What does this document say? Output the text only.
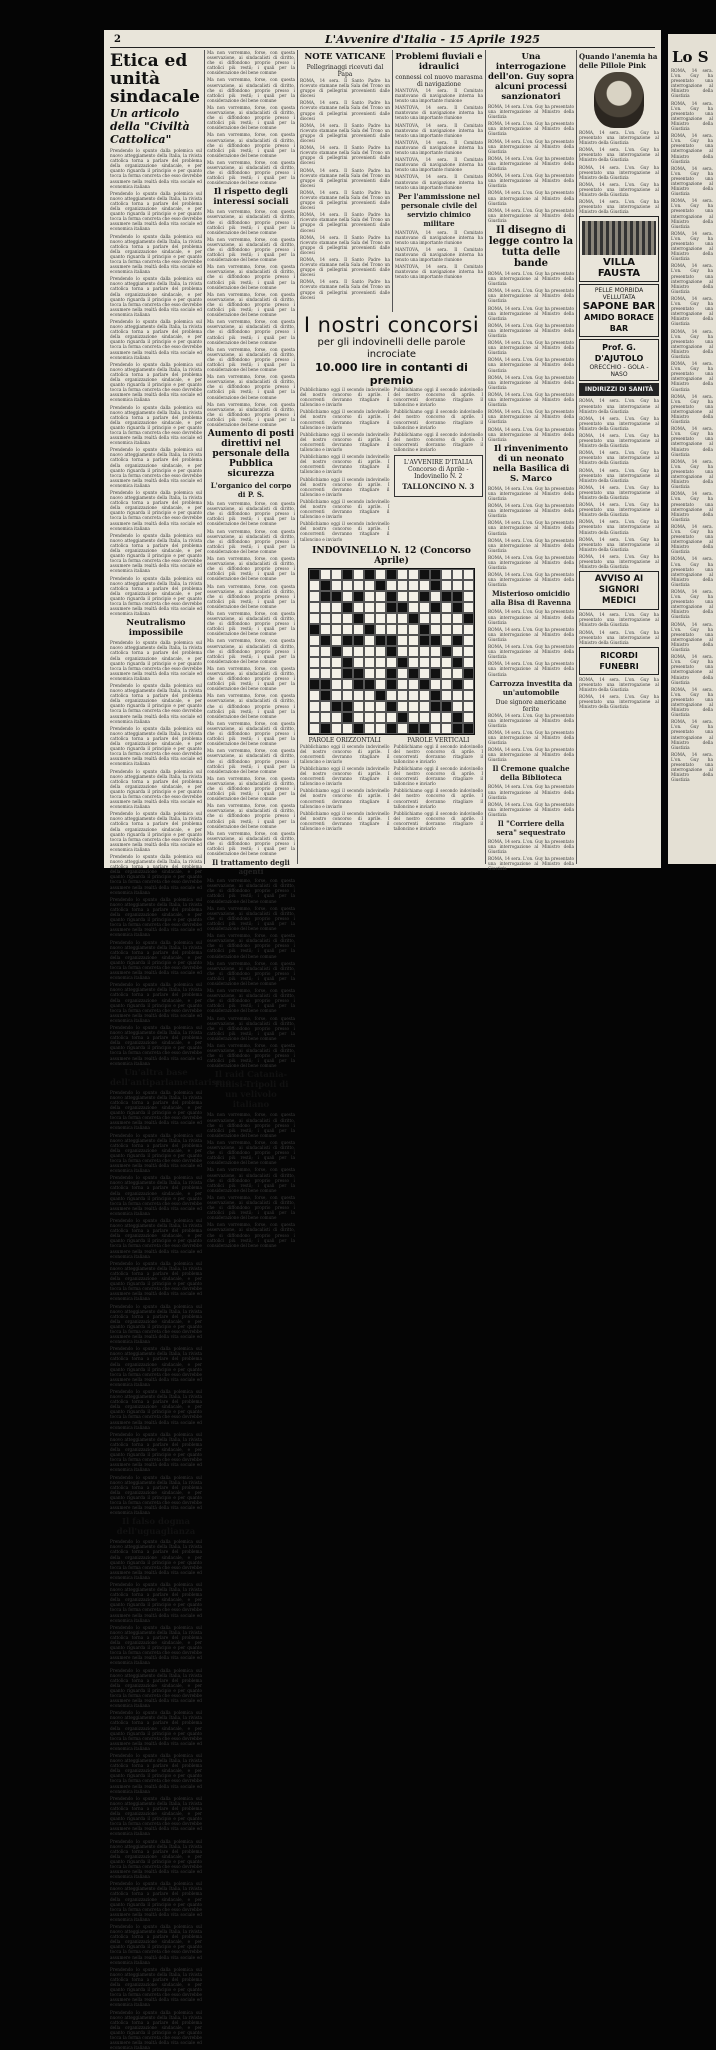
2	L'Avvenire d'Italia - 15 Aprile 1925
Etica ed unità sindacale
Un articolo della "Civiltà Cattolica"

Prendendo lo spunto dalla polemica sul nuovo atteggiamento della Italia, la rivista cattolica torna a parlare del problema della organizzazione sindacale, e per quanto riguarda il principio e per quanto tocca la forma concreta che esso dovrebbe assumere nella realtà della vita sociale ed economica italiana

Prendendo lo spunto dalla polemica sul nuovo atteggiamento della Italia, la rivista cattolica torna a parlare del problema della organizzazione sindacale, e per quanto riguarda il principio e per quanto tocca la forma concreta che esso dovrebbe assumere nella realtà della vita sociale ed economica italiana

Prendendo lo spunto dalla polemica sul nuovo atteggiamento della Italia, la rivista cattolica torna a parlare del problema della organizzazione sindacale, e per quanto riguarda il principio e per quanto tocca la forma concreta che esso dovrebbe assumere nella realtà della vita sociale ed economica italiana

Prendendo lo spunto dalla polemica sul nuovo atteggiamento della Italia, la rivista cattolica torna a parlare del problema della organizzazione sindacale, e per quanto riguarda il principio e per quanto tocca la forma concreta che esso dovrebbe assumere nella realtà della vita sociale ed economica italiana

Prendendo lo spunto dalla polemica sul nuovo atteggiamento della Italia, la rivista cattolica torna a parlare del problema della organizzazione sindacale, e per quanto riguarda il principio e per quanto tocca la forma concreta che esso dovrebbe assumere nella realtà della vita sociale ed economica italiana

Prendendo lo spunto dalla polemica sul nuovo atteggiamento della Italia, la rivista cattolica torna a parlare del problema della organizzazione sindacale, e per quanto riguarda il principio e per quanto tocca la forma concreta che esso dovrebbe assumere nella realtà della vita sociale ed economica italiana

Prendendo lo spunto dalla polemica sul nuovo atteggiamento della Italia, la rivista cattolica torna a parlare del problema della organizzazione sindacale, e per quanto riguarda il principio e per quanto tocca la forma concreta che esso dovrebbe assumere nella realtà della vita sociale ed economica italiana

Prendendo lo spunto dalla polemica sul nuovo atteggiamento della Italia, la rivista cattolica torna a parlare del problema della organizzazione sindacale, e per quanto riguarda il principio e per quanto tocca la forma concreta che esso dovrebbe assumere nella realtà della vita sociale ed economica italiana

Prendendo lo spunto dalla polemica sul nuovo atteggiamento della Italia, la rivista cattolica torna a parlare del problema della organizzazione sindacale, e per quanto riguarda il principio e per quanto tocca la forma concreta che esso dovrebbe assumere nella realtà della vita sociale ed economica italiana

Prendendo lo spunto dalla polemica sul nuovo atteggiamento della Italia, la rivista cattolica torna a parlare del problema della organizzazione sindacale, e per quanto riguarda il principio e per quanto tocca la forma concreta che esso dovrebbe assumere nella realtà della vita sociale ed economica italiana

Prendendo lo spunto dalla polemica sul nuovo atteggiamento della Italia, la rivista cattolica torna a parlare del problema della organizzazione sindacale, e per quanto riguarda il principio e per quanto tocca la forma concreta che esso dovrebbe assumere nella realtà della vita sociale ed economica italiana

Neutralismo impossibile

Prendendo lo spunto dalla polemica sul nuovo atteggiamento della Italia, la rivista cattolica torna a parlare del problema della organizzazione sindacale, e per quanto riguarda il principio e per quanto tocca la forma concreta che esso dovrebbe assumere nella realtà della vita sociale ed economica italiana

Prendendo lo spunto dalla polemica sul nuovo atteggiamento della Italia, la rivista cattolica torna a parlare del problema della organizzazione sindacale, e per quanto riguarda il principio e per quanto tocca la forma concreta che esso dovrebbe assumere nella realtà della vita sociale ed economica italiana

Prendendo lo spunto dalla polemica sul nuovo atteggiamento della Italia, la rivista cattolica torna a parlare del problema della organizzazione sindacale, e per quanto riguarda il principio e per quanto tocca la forma concreta che esso dovrebbe assumere nella realtà della vita sociale ed economica italiana

Prendendo lo spunto dalla polemica sul nuovo atteggiamento della Italia, la rivista cattolica torna a parlare del problema della organizzazione sindacale, e per quanto riguarda il principio e per quanto tocca la forma concreta che esso dovrebbe assumere nella realtà della vita sociale ed economica italiana

Prendendo lo spunto dalla polemica sul nuovo atteggiamento della Italia, la rivista cattolica torna a parlare del problema della organizzazione sindacale, e per quanto riguarda il principio e per quanto tocca la forma concreta che esso dovrebbe assumere nella realtà della vita sociale ed economica italiana

Prendendo lo spunto dalla polemica sul nuovo atteggiamento della Italia, la rivista cattolica torna a parlare del problema della organizzazione sindacale, e per quanto riguarda il principio e per quanto tocca la forma concreta che esso dovrebbe assumere nella realtà della vita sociale ed economica italiana

Prendendo lo spunto dalla polemica sul nuovo atteggiamento della Italia, la rivista cattolica torna a parlare del problema della organizzazione sindacale, e per quanto riguarda il principio e per quanto tocca la forma concreta che esso dovrebbe assumere nella realtà della vita sociale ed economica italiana

Prendendo lo spunto dalla polemica sul nuovo atteggiamento della Italia, la rivista cattolica torna a parlare del problema della organizzazione sindacale, e per quanto riguarda il principio e per quanto tocca la forma concreta che esso dovrebbe assumere nella realtà della vita sociale ed economica italiana

Prendendo lo spunto dalla polemica sul nuovo atteggiamento della Italia, la rivista cattolica torna a parlare del problema della organizzazione sindacale, e per quanto riguarda il principio e per quanto tocca la forma concreta che esso dovrebbe assumere nella realtà della vita sociale ed economica italiana

Prendendo lo spunto dalla polemica sul nuovo atteggiamento della Italia, la rivista cattolica torna a parlare del problema della organizzazione sindacale, e per quanto riguarda il principio e per quanto tocca la forma concreta che esso dovrebbe assumere nella realtà della vita sociale ed economica italiana

Un'altra base dell'antiparlamentarismo

Prendendo lo spunto dalla polemica sul nuovo atteggiamento della Italia, la rivista cattolica torna a parlare del problema della organizzazione sindacale, e per quanto riguarda il principio e per quanto tocca la forma concreta che esso dovrebbe assumere nella realtà della vita sociale ed economica italiana

Prendendo lo spunto dalla polemica sul nuovo atteggiamento della Italia, la rivista cattolica torna a parlare del problema della organizzazione sindacale, e per quanto riguarda il principio e per quanto tocca la forma concreta che esso dovrebbe assumere nella realtà della vita sociale ed economica italiana

Prendendo lo spunto dalla polemica sul nuovo atteggiamento della Italia, la rivista cattolica torna a parlare del problema della organizzazione sindacale, e per quanto riguarda il principio e per quanto tocca la forma concreta che esso dovrebbe assumere nella realtà della vita sociale ed economica italiana

Prendendo lo spunto dalla polemica sul nuovo atteggiamento della Italia, la rivista cattolica torna a parlare del problema della organizzazione sindacale, e per quanto riguarda il principio e per quanto tocca la forma concreta che esso dovrebbe assumere nella realtà della vita sociale ed economica italiana

Prendendo lo spunto dalla polemica sul nuovo atteggiamento della Italia, la rivista cattolica torna a parlare del problema della organizzazione sindacale, e per quanto riguarda il principio e per quanto tocca la forma concreta che esso dovrebbe assumere nella realtà della vita sociale ed economica italiana

Prendendo lo spunto dalla polemica sul nuovo atteggiamento della Italia, la rivista cattolica torna a parlare del problema della organizzazione sindacale, e per quanto riguarda il principio e per quanto tocca la forma concreta che esso dovrebbe assumere nella realtà della vita sociale ed economica italiana

Prendendo lo spunto dalla polemica sul nuovo atteggiamento della Italia, la rivista cattolica torna a parlare del problema della organizzazione sindacale, e per quanto riguarda il principio e per quanto tocca la forma concreta che esso dovrebbe assumere nella realtà della vita sociale ed economica italiana

Prendendo lo spunto dalla polemica sul nuovo atteggiamento della Italia, la rivista cattolica torna a parlare del problema della organizzazione sindacale, e per quanto riguarda il principio e per quanto tocca la forma concreta che esso dovrebbe assumere nella realtà della vita sociale ed economica italiana

Prendendo lo spunto dalla polemica sul nuovo atteggiamento della Italia, la rivista cattolica torna a parlare del problema della organizzazione sindacale, e per quanto riguarda il principio e per quanto tocca la forma concreta che esso dovrebbe assumere nella realtà della vita sociale ed economica italiana

Prendendo lo spunto dalla polemica sul nuovo atteggiamento della Italia, la rivista cattolica torna a parlare del problema della organizzazione sindacale, e per quanto riguarda il principio e per quanto tocca la forma concreta che esso dovrebbe assumere nella realtà della vita sociale ed economica italiana

Il falso dogma dell'uguaglianza

Prendendo lo spunto dalla polemica sul nuovo atteggiamento della Italia, la rivista cattolica torna a parlare del problema della organizzazione sindacale, e per quanto riguarda il principio e per quanto tocca la forma concreta che esso dovrebbe assumere nella realtà della vita sociale ed economica italiana

Prendendo lo spunto dalla polemica sul nuovo atteggiamento della Italia, la rivista cattolica torna a parlare del problema della organizzazione sindacale, e per quanto riguarda il principio e per quanto tocca la forma concreta che esso dovrebbe assumere nella realtà della vita sociale ed economica italiana

Prendendo lo spunto dalla polemica sul nuovo atteggiamento della Italia, la rivista cattolica torna a parlare del problema della organizzazione sindacale, e per quanto riguarda il principio e per quanto tocca la forma concreta che esso dovrebbe assumere nella realtà della vita sociale ed economica italiana

Prendendo lo spunto dalla polemica sul nuovo atteggiamento della Italia, la rivista cattolica torna a parlare del problema della organizzazione sindacale, e per quanto riguarda il principio e per quanto tocca la forma concreta che esso dovrebbe assumere nella realtà della vita sociale ed economica italiana

Prendendo lo spunto dalla polemica sul nuovo atteggiamento della Italia, la rivista cattolica torna a parlare del problema della organizzazione sindacale, e per quanto riguarda il principio e per quanto tocca la forma concreta che esso dovrebbe assumere nella realtà della vita sociale ed economica italiana

Prendendo lo spunto dalla polemica sul nuovo atteggiamento della Italia, la rivista cattolica torna a parlare del problema della organizzazione sindacale, e per quanto riguarda il principio e per quanto tocca la forma concreta che esso dovrebbe assumere nella realtà della vita sociale ed economica italiana

Prendendo lo spunto dalla polemica sul nuovo atteggiamento della Italia, la rivista cattolica torna a parlare del problema della organizzazione sindacale, e per quanto riguarda il principio e per quanto tocca la forma concreta che esso dovrebbe assumere nella realtà della vita sociale ed economica italiana

Prendendo lo spunto dalla polemica sul nuovo atteggiamento della Italia, la rivista cattolica torna a parlare del problema della organizzazione sindacale, e per quanto riguarda il principio e per quanto tocca la forma concreta che esso dovrebbe assumere nella realtà della vita sociale ed economica italiana

Prendendo lo spunto dalla polemica sul nuovo atteggiamento della Italia, la rivista cattolica torna a parlare del problema della organizzazione sindacale, e per quanto riguarda il principio e per quanto tocca la forma concreta che esso dovrebbe assumere nella realtà della vita sociale ed economica italiana

Prendendo lo spunto dalla polemica sul nuovo atteggiamento della Italia, la rivista cattolica torna a parlare del problema della organizzazione sindacale, e per quanto riguarda il principio e per quanto tocca la forma concreta che esso dovrebbe assumere nella realtà della vita sociale ed economica italiana

Prendendo lo spunto dalla polemica sul nuovo atteggiamento della Italia, la rivista cattolica torna a parlare del problema della organizzazione sindacale, e per quanto riguarda il principio e per quanto tocca la forma concreta che esso dovrebbe assumere nella realtà della vita sociale ed economica italiana

Prendendo lo spunto dalla polemica sul nuovo atteggiamento della Italia, la rivista cattolica torna a parlare del problema della organizzazione sindacale, e per quanto riguarda il principio e per quanto tocca la forma concreta che esso dovrebbe assumere nella realtà della vita sociale ed economica italiana

Ma non vorremmo, forse, con questa osservazione, ai sindacalisti di diritto, che si diffondono proprio presso i cattolici più restii; i quali per la considerazione del bene comune

Ma non vorremmo, forse, con questa osservazione, ai sindacalisti di diritto, che si diffondono proprio presso i cattolici più restii; i quali per la considerazione del bene comune

Ma non vorremmo, forse, con questa osservazione, ai sindacalisti di diritto, che si diffondono proprio presso i cattolici più restii; i quali per la considerazione del bene comune

Ma non vorremmo, forse, con questa osservazione, ai sindacalisti di diritto, che si diffondono proprio presso i cattolici più restii; i quali per la considerazione del bene comune

Ma non vorremmo, forse, con questa osservazione, ai sindacalisti di diritto, che si diffondono proprio presso i cattolici più restii; i quali per la considerazione del bene comune

Il rispetto degli interessi sociali

Ma non vorremmo, forse, con questa osservazione, ai sindacalisti di diritto, che si diffondono proprio presso i cattolici più restii; i quali per la considerazione del bene comune

Ma non vorremmo, forse, con questa osservazione, ai sindacalisti di diritto, che si diffondono proprio presso i cattolici più restii; i quali per la considerazione del bene comune

Ma non vorremmo, forse, con questa osservazione, ai sindacalisti di diritto, che si diffondono proprio presso i cattolici più restii; i quali per la considerazione del bene comune

Ma non vorremmo, forse, con questa osservazione, ai sindacalisti di diritto, che si diffondono proprio presso i cattolici più restii; i quali per la considerazione del bene comune

Ma non vorremmo, forse, con questa osservazione, ai sindacalisti di diritto, che si diffondono proprio presso i cattolici più restii; i quali per la considerazione del bene comune

Ma non vorremmo, forse, con questa osservazione, ai sindacalisti di diritto, che si diffondono proprio presso i cattolici più restii; i quali per la considerazione del bene comune

Ma non vorremmo, forse, con questa osservazione, ai sindacalisti di diritto, che si diffondono proprio presso i cattolici più restii; i quali per la considerazione del bene comune

Ma non vorremmo, forse, con questa osservazione, ai sindacalisti di diritto, che si diffondono proprio presso i cattolici più restii; i quali per la considerazione del bene comune

Aumento di posti direttivi nel personale della Pubblica sicurezza
L'organico del corpo di P. S.

Ma non vorremmo, forse, con questa osservazione, ai sindacalisti di diritto, che si diffondono proprio presso i cattolici più restii; i quali per la considerazione del bene comune

Ma non vorremmo, forse, con questa osservazione, ai sindacalisti di diritto, che si diffondono proprio presso i cattolici più restii; i quali per la considerazione del bene comune

Ma non vorremmo, forse, con questa osservazione, ai sindacalisti di diritto, che si diffondono proprio presso i cattolici più restii; i quali per la considerazione del bene comune

Ma non vorremmo, forse, con questa osservazione, ai sindacalisti di diritto, che si diffondono proprio presso i cattolici più restii; i quali per la considerazione del bene comune

Ma non vorremmo, forse, con questa osservazione, ai sindacalisti di diritto, che si diffondono proprio presso i cattolici più restii; i quali per la considerazione del bene comune

Ma non vorremmo, forse, con questa osservazione, ai sindacalisti di diritto, che si diffondono proprio presso i cattolici più restii; i quali per la considerazione del bene comune

Ma non vorremmo, forse, con questa osservazione, ai sindacalisti di diritto, che si diffondono proprio presso i cattolici più restii; i quali per la considerazione del bene comune

Ma non vorremmo, forse, con questa osservazione, ai sindacalisti di diritto, che si diffondono proprio presso i cattolici più restii; i quali per la considerazione del bene comune

Ma non vorremmo, forse, con questa osservazione, ai sindacalisti di diritto, che si diffondono proprio presso i cattolici più restii; i quali per la considerazione del bene comune

Ma non vorremmo, forse, con questa osservazione, ai sindacalisti di diritto, che si diffondono proprio presso i cattolici più restii; i quali per la considerazione del bene comune

Ma non vorremmo, forse, con questa osservazione, ai sindacalisti di diritto, che si diffondono proprio presso i cattolici più restii; i quali per la considerazione del bene comune

Ma non vorremmo, forse, con questa osservazione, ai sindacalisti di diritto, che si diffondono proprio presso i cattolici più restii; i quali per la considerazione del bene comune

Ma non vorremmo, forse, con questa osservazione, ai sindacalisti di diritto, che si diffondono proprio presso i cattolici più restii; i quali per la considerazione del bene comune

Il trattamento degli agenti

Ma non vorremmo, forse, con questa osservazione, ai sindacalisti di diritto, che si diffondono proprio presso i cattolici più restii; i quali per la considerazione del bene comune

Ma non vorremmo, forse, con questa osservazione, ai sindacalisti di diritto, che si diffondono proprio presso i cattolici più restii; i quali per la considerazione del bene comune

Ma non vorremmo, forse, con questa osservazione, ai sindacalisti di diritto, che si diffondono proprio presso i cattolici più restii; i quali per la considerazione del bene comune

Ma non vorremmo, forse, con questa osservazione, ai sindacalisti di diritto, che si diffondono proprio presso i cattolici più restii; i quali per la considerazione del bene comune

Ma non vorremmo, forse, con questa osservazione, ai sindacalisti di diritto, che si diffondono proprio presso i cattolici più restii; i quali per la considerazione del bene comune

Ma non vorremmo, forse, con questa osservazione, ai sindacalisti di diritto, che si diffondono proprio presso i cattolici più restii; i quali per la considerazione del bene comune

Ma non vorremmo, forse, con questa osservazione, ai sindacalisti di diritto, che si diffondono proprio presso i cattolici più restii; i quali per la considerazione del bene comune

Il raid Catania-Tunisi-Tripoli di un velivolo italiano

Ma non vorremmo, forse, con questa osservazione, ai sindacalisti di diritto, che si diffondono proprio presso i cattolici più restii; i quali per la considerazione del bene comune

Ma non vorremmo, forse, con questa osservazione, ai sindacalisti di diritto, che si diffondono proprio presso i cattolici più restii; i quali per la considerazione del bene comune

Ma non vorremmo, forse, con questa osservazione, ai sindacalisti di diritto, che si diffondono proprio presso i cattolici più restii; i quali per la considerazione del bene comune

Ma non vorremmo, forse, con questa osservazione, ai sindacalisti di diritto, che si diffondono proprio presso i cattolici più restii; i quali per la considerazione del bene comune

Ma non vorremmo, forse, con questa osservazione, ai sindacalisti di diritto, che si diffondono proprio presso i cattolici più restii; i quali per la considerazione del bene comune

NOTE VATICANE
Pellegrinaggi ricevuti dal Papa

ROMA, 14 sera. Il Santo Padre ha ricevuto stamane nella Sala del Trono un gruppo di pellegrini provenienti dalle diocesi

ROMA, 14 sera. Il Santo Padre ha ricevuto stamane nella Sala del Trono un gruppo di pellegrini provenienti dalle diocesi

ROMA, 14 sera. Il Santo Padre ha ricevuto stamane nella Sala del Trono un gruppo di pellegrini provenienti dalle diocesi

ROMA, 14 sera. Il Santo Padre ha ricevuto stamane nella Sala del Trono un gruppo di pellegrini provenienti dalle diocesi

ROMA, 14 sera. Il Santo Padre ha ricevuto stamane nella Sala del Trono un gruppo di pellegrini provenienti dalle diocesi

ROMA, 14 sera. Il Santo Padre ha ricevuto stamane nella Sala del Trono un gruppo di pellegrini provenienti dalle diocesi

ROMA, 14 sera. Il Santo Padre ha ricevuto stamane nella Sala del Trono un gruppo di pellegrini provenienti dalle diocesi

ROMA, 14 sera. Il Santo Padre ha ricevuto stamane nella Sala del Trono un gruppo di pellegrini provenienti dalle diocesi

ROMA, 14 sera. Il Santo Padre ha ricevuto stamane nella Sala del Trono un gruppo di pellegrini provenienti dalle diocesi

ROMA, 14 sera. Il Santo Padre ha ricevuto stamane nella Sala del Trono un gruppo di pellegrini provenienti dalle diocesi

Problemi fluviali e idraulici
connessi col nuovo marasma di navigazione

MANTOVA, 14 sera. Il Comitato mantovano di navigazione interna ha tenuto una importante riunione

MANTOVA, 14 sera. Il Comitato mantovano di navigazione interna ha tenuto una importante riunione

MANTOVA, 14 sera. Il Comitato mantovano di navigazione interna ha tenuto una importante riunione

MANTOVA, 14 sera. Il Comitato mantovano di navigazione interna ha tenuto una importante riunione

MANTOVA, 14 sera. Il Comitato mantovano di navigazione interna ha tenuto una importante riunione

MANTOVA, 14 sera. Il Comitato mantovano di navigazione interna ha tenuto una importante riunione

Per l'ammissione nel personale civile del servizio chimico militare

MANTOVA, 14 sera. Il Comitato mantovano di navigazione interna ha tenuto una importante riunione

MANTOVA, 14 sera. Il Comitato mantovano di navigazione interna ha tenuto una importante riunione

MANTOVA, 14 sera. Il Comitato mantovano di navigazione interna ha tenuto una importante riunione

I nostri concorsi
per gli indovinelli delle parole incrociate
10.000 lire in contanti di premio

Pubblichiamo oggi il secondo indovinello del nostro concorso di aprile. I concorrenti dovranno ritagliare il talloncino e inviarlo

Pubblichiamo oggi il secondo indovinello del nostro concorso di aprile. I concorrenti dovranno ritagliare il talloncino e inviarlo

Pubblichiamo oggi il secondo indovinello del nostro concorso di aprile. I concorrenti dovranno ritagliare il talloncino e inviarlo

Pubblichiamo oggi il secondo indovinello del nostro concorso di aprile. I concorrenti dovranno ritagliare il talloncino e inviarlo

Pubblichiamo oggi il secondo indovinello del nostro concorso di aprile. I concorrenti dovranno ritagliare il talloncino e inviarlo

Pubblichiamo oggi il secondo indovinello del nostro concorso di aprile. I concorrenti dovranno ritagliare il talloncino e inviarlo

Pubblichiamo oggi il secondo indovinello del nostro concorso di aprile. I concorrenti dovranno ritagliare il talloncino e inviarlo

Pubblichiamo oggi il secondo indovinello del nostro concorso di aprile. I concorrenti dovranno ritagliare il talloncino e inviarlo

Pubblichiamo oggi il secondo indovinello del nostro concorso di aprile. I concorrenti dovranno ritagliare il talloncino e inviarlo

Pubblichiamo oggi il secondo indovinello del nostro concorso di aprile. I concorrenti dovranno ritagliare il talloncino e inviarlo

L'AVVENIRE D'ITALIA
Concorso di Aprile - Indovinello N. 2
TALLONCINO N. 3
INDOVINELLO N. 12 (Concorso Aprile)
PAROLE ORIZZONTALI

Pubblichiamo oggi il secondo indovinello del nostro concorso di aprile. I concorrenti dovranno ritagliare il talloncino e inviarlo

Pubblichiamo oggi il secondo indovinello del nostro concorso di aprile. I concorrenti dovranno ritagliare il talloncino e inviarlo

Pubblichiamo oggi il secondo indovinello del nostro concorso di aprile. I concorrenti dovranno ritagliare il talloncino e inviarlo

Pubblichiamo oggi il secondo indovinello del nostro concorso di aprile. I concorrenti dovranno ritagliare il talloncino e inviarlo

PAROLE VERTICALI

Pubblichiamo oggi il secondo indovinello del nostro concorso di aprile. I concorrenti dovranno ritagliare il talloncino e inviarlo

Pubblichiamo oggi il secondo indovinello del nostro concorso di aprile. I concorrenti dovranno ritagliare il talloncino e inviarlo

Pubblichiamo oggi il secondo indovinello del nostro concorso di aprile. I concorrenti dovranno ritagliare il talloncino e inviarlo

Pubblichiamo oggi il secondo indovinello del nostro concorso di aprile. I concorrenti dovranno ritagliare il talloncino e inviarlo

Una interrogazione dell'on. Guy sopra alcuni processi sanzionatori

ROMA, 14 sera. L'on. Guy ha presentato una interrogazione al Ministro della Giustizia

ROMA, 14 sera. L'on. Guy ha presentato una interrogazione al Ministro della Giustizia

ROMA, 14 sera. L'on. Guy ha presentato una interrogazione al Ministro della Giustizia

ROMA, 14 sera. L'on. Guy ha presentato una interrogazione al Ministro della Giustizia

ROMA, 14 sera. L'on. Guy ha presentato una interrogazione al Ministro della Giustizia

ROMA, 14 sera. L'on. Guy ha presentato una interrogazione al Ministro della Giustizia

ROMA, 14 sera. L'on. Guy ha presentato una interrogazione al Ministro della Giustizia

Il disegno di legge contro la tutta delle bande

ROMA, 14 sera. L'on. Guy ha presentato una interrogazione al Ministro della Giustizia

ROMA, 14 sera. L'on. Guy ha presentato una interrogazione al Ministro della Giustizia

ROMA, 14 sera. L'on. Guy ha presentato una interrogazione al Ministro della Giustizia

ROMA, 14 sera. L'on. Guy ha presentato una interrogazione al Ministro della Giustizia

ROMA, 14 sera. L'on. Guy ha presentato una interrogazione al Ministro della Giustizia

ROMA, 14 sera. L'on. Guy ha presentato una interrogazione al Ministro della Giustizia

ROMA, 14 sera. L'on. Guy ha presentato una interrogazione al Ministro della Giustizia

ROMA, 14 sera. L'on. Guy ha presentato una interrogazione al Ministro della Giustizia

ROMA, 14 sera. L'on. Guy ha presentato una interrogazione al Ministro della Giustizia

ROMA, 14 sera. L'on. Guy ha presentato una interrogazione al Ministro della Giustizia

Il rinvenimento di un neonato nella Basilica di S. Marco

ROMA, 14 sera. L'on. Guy ha presentato una interrogazione al Ministro della Giustizia

ROMA, 14 sera. L'on. Guy ha presentato una interrogazione al Ministro della Giustizia

ROMA, 14 sera. L'on. Guy ha presentato una interrogazione al Ministro della Giustizia

ROMA, 14 sera. L'on. Guy ha presentato una interrogazione al Ministro della Giustizia

ROMA, 14 sera. L'on. Guy ha presentato una interrogazione al Ministro della Giustizia

ROMA, 14 sera. L'on. Guy ha presentato una interrogazione al Ministro della Giustizia

Misterioso omicidio alla Bisa di Ravenna

ROMA, 14 sera. L'on. Guy ha presentato una interrogazione al Ministro della Giustizia

ROMA, 14 sera. L'on. Guy ha presentato una interrogazione al Ministro della Giustizia

ROMA, 14 sera. L'on. Guy ha presentato una interrogazione al Ministro della Giustizia

ROMA, 14 sera. L'on. Guy ha presentato una interrogazione al Ministro della Giustizia

Carrozza investita da un'automobile
Due signore americane ferite

ROMA, 14 sera. L'on. Guy ha presentato una interrogazione al Ministro della Giustizia

ROMA, 14 sera. L'on. Guy ha presentato una interrogazione al Ministro della Giustizia

ROMA, 14 sera. L'on. Guy ha presentato una interrogazione al Ministro della Giustizia

Il Cremone qualche della Biblioteca

ROMA, 14 sera. L'on. Guy ha presentato una interrogazione al Ministro della Giustizia

ROMA, 14 sera. L'on. Guy ha presentato una interrogazione al Ministro della Giustizia

Il "Corriere della sera" sequestrato

ROMA, 14 sera. L'on. Guy ha presentato una interrogazione al Ministro della Giustizia

ROMA, 14 sera. L'on. Guy ha presentato una interrogazione al Ministro della Giustizia

Quando l'anemia ha delle Pillole Pink

ROMA, 14 sera. L'on. Guy ha presentato una interrogazione al Ministro della Giustizia

ROMA, 14 sera. L'on. Guy ha presentato una interrogazione al Ministro della Giustizia

ROMA, 14 sera. L'on. Guy ha presentato una interrogazione al Ministro della Giustizia

ROMA, 14 sera. L'on. Guy ha presentato una interrogazione al Ministro della Giustizia

ROMA, 14 sera. L'on. Guy ha presentato una interrogazione al Ministro della Giustizia

VILLA FAUSTA
PELLE MORBIDA VELLUTATA
SAPONE BAR
AMIDO BORACE BAR
Prof. G. D'AJUTOLO
ORECCHIO - GOLA - NASO
INDIRIZZI DI SANITÀ

ROMA, 14 sera. L'on. Guy ha presentato una interrogazione al Ministro della Giustizia

ROMA, 14 sera. L'on. Guy ha presentato una interrogazione al Ministro della Giustizia

ROMA, 14 sera. L'on. Guy ha presentato una interrogazione al Ministro della Giustizia

ROMA, 14 sera. L'on. Guy ha presentato una interrogazione al Ministro della Giustizia

ROMA, 14 sera. L'on. Guy ha presentato una interrogazione al Ministro della Giustizia

ROMA, 14 sera. L'on. Guy ha presentato una interrogazione al Ministro della Giustizia

ROMA, 14 sera. L'on. Guy ha presentato una interrogazione al Ministro della Giustizia

ROMA, 14 sera. L'on. Guy ha presentato una interrogazione al Ministro della Giustizia

ROMA, 14 sera. L'on. Guy ha presentato una interrogazione al Ministro della Giustizia

ROMA, 14 sera. L'on. Guy ha presentato una interrogazione al Ministro della Giustizia

AVVISO AI SIGNORI MEDICI

ROMA, 14 sera. L'on. Guy ha presentato una interrogazione al Ministro della Giustizia

ROMA, 14 sera. L'on. Guy ha presentato una interrogazione al Ministro della Giustizia

RICORDI FUNEBRI

ROMA, 14 sera. L'on. Guy ha presentato una interrogazione al Ministro della Giustizia

ROMA, 14 sera. L'on. Guy ha presentato una interrogazione al Ministro della Giustizia

Lo S

ROMA, 14 sera. L'on. Guy ha presentato una interrogazione al Ministro della Giustizia

ROMA, 14 sera. L'on. Guy ha presentato una interrogazione al Ministro della Giustizia

ROMA, 14 sera. L'on. Guy ha presentato una interrogazione al Ministro della Giustizia

ROMA, 14 sera. L'on. Guy ha presentato una interrogazione al Ministro della Giustizia

ROMA, 14 sera. L'on. Guy ha presentato una interrogazione al Ministro della Giustizia

ROMA, 14 sera. L'on. Guy ha presentato una interrogazione al Ministro della Giustizia

ROMA, 14 sera. L'on. Guy ha presentato una interrogazione al Ministro della Giustizia

ROMA, 14 sera. L'on. Guy ha presentato una interrogazione al Ministro della Giustizia

ROMA, 14 sera. L'on. Guy ha presentato una interrogazione al Ministro della Giustizia

ROMA, 14 sera. L'on. Guy ha presentato una interrogazione al Ministro della Giustizia

ROMA, 14 sera. L'on. Guy ha presentato una interrogazione al Ministro della Giustizia

ROMA, 14 sera. L'on. Guy ha presentato una interrogazione al Ministro della Giustizia

ROMA, 14 sera. L'on. Guy ha presentato una interrogazione al Ministro della Giustizia

ROMA, 14 sera. L'on. Guy ha presentato una interrogazione al Ministro della Giustizia

ROMA, 14 sera. L'on. Guy ha presentato una interrogazione al Ministro della Giustizia

ROMA, 14 sera. L'on. Guy ha presentato una interrogazione al Ministro della Giustizia

ROMA, 14 sera. L'on. Guy ha presentato una interrogazione al Ministro della Giustizia

ROMA, 14 sera. L'on. Guy ha presentato una interrogazione al Ministro della Giustizia

ROMA, 14 sera. L'on. Guy ha presentato una interrogazione al Ministro della Giustizia

ROMA, 14 sera. L'on. Guy ha presentato una interrogazione al Ministro della Giustizia

ROMA, 14 sera. L'on. Guy ha presentato una interrogazione al Ministro della Giustizia

ROMA, 14 sera. L'on. Guy ha presentato una interrogazione al Ministro della Giustizia
